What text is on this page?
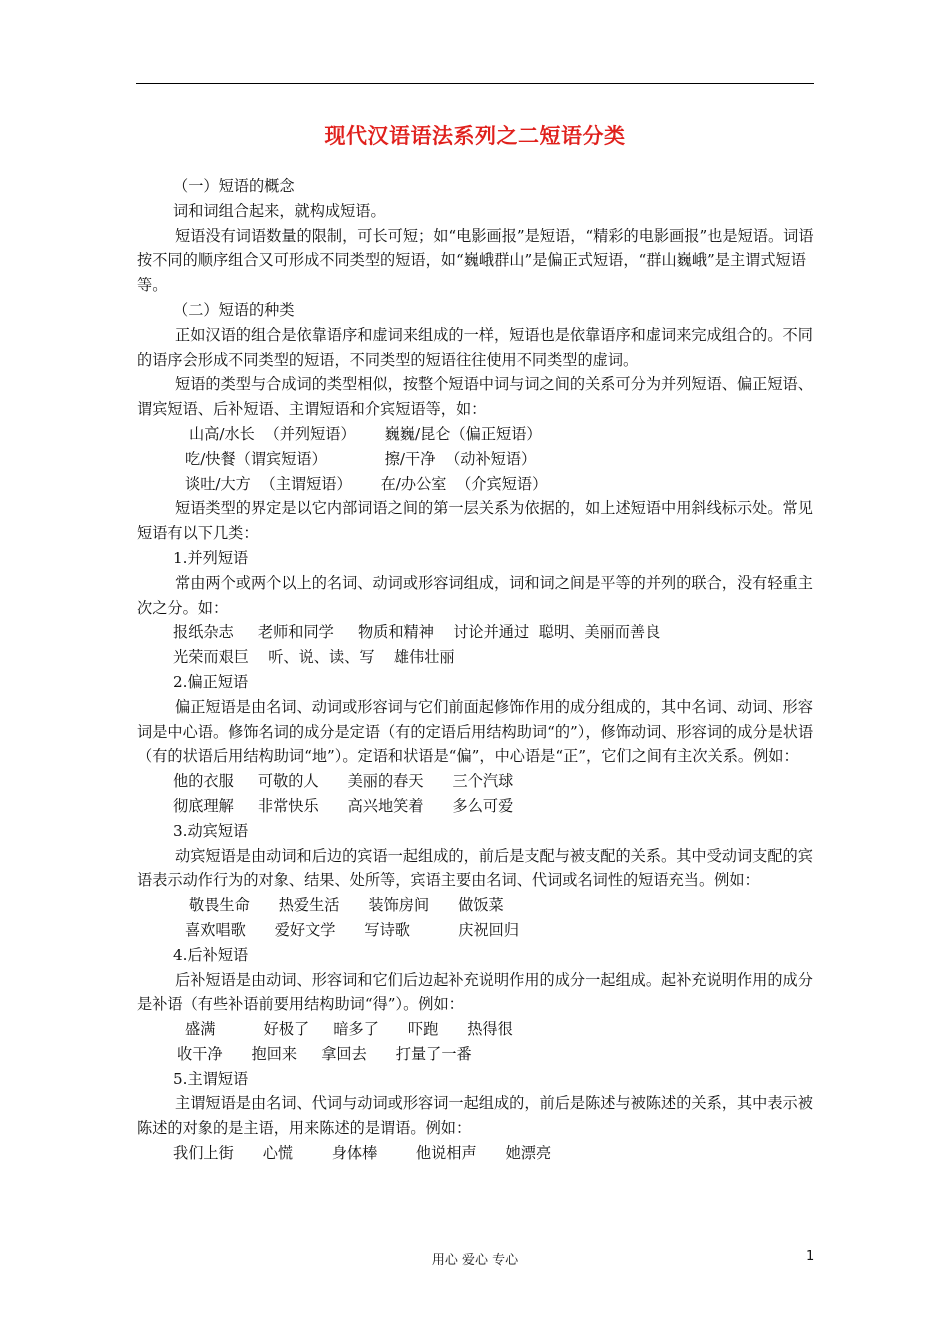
现代汉语语法系列之二短语分类

（一）短语的概念

词和词组合起来，就构成短语。

短语没有词语数量的限制，可长可短；如“电影画报”是短语，“精彩的电影画报”也是短语。词语按不同的顺序组合又可形成不同类型的短语，如“巍峨群山”是偏正式短语，“群山巍峨”是主谓式短语等。

（二）短语的种类

正如汉语的组合是依靠语序和虚词来组成的一样，短语也是依靠语序和虚词来完成组合的。不同的语序会形成不同类型的短语，不同类型的短语往往使用不同类型的虚词。

短语的类型与合成词的类型相似，按整个短语中词与词之间的关系可分为并列短语、偏正短语、谓宾短语、后补短语、主谓短语和介宾短语等，如：

山高/水长  （并列短语）      巍巍/昆仑（偏正短语）

吃/快餐（谓宾短语）            擦/干净  （动补短语）

谈吐/大方  （主谓短语）      在/办公室  （介宾短语）

短语类型的界定是以它内部词语之间的第一层关系为依据的，如上述短语中用斜线标示处。常见短语有以下几类：

1.并列短语

常由两个或两个以上的名词、动词或形容词组成，词和词之间是平等的并列的联合，没有轻重主次之分。如：

报纸杂志     老师和同学     物质和精神    讨论并通过  聪明、美丽而善良

光荣而艰巨    听、说、读、写    雄伟壮丽

2.偏正短语

偏正短语是由名词、动词或形容词与它们前面起修饰作用的成分组成的，其中名词、动词、形容词是中心语。修饰名词的成分是定语（有的定语后用结构助词“的”），修饰动词、形容词的成分是状语（有的状语后用结构助词“地”）。定语和状语是“偏”，中心语是“正”，它们之间有主次关系。例如：

他的衣服     可敬的人      美丽的春天      三个汽球

彻底理解     非常快乐      高兴地笑着      多么可爱

3.动宾短语

动宾短语是由动词和后边的宾语一起组成的，前后是支配与被支配的关系。其中受动词支配的宾语表示动作行为的对象、结果、处所等，宾语主要由名词、代词或名词性的短语充当。例如：

敬畏生命      热爱生活      装饰房间      做饭菜

喜欢唱歌      爱好文学      写诗歌          庆祝回归

4.后补短语

后补短语是由动词、形容词和它们后边起补充说明作用的成分一起组成。起补充说明作用的成分是补语（有些补语前要用结构助词“得”）。例如：

盛满          好极了     暗多了      吓跑      热得很

收干净      抱回来     拿回去      打量了一番

5.主谓短语

主谓短语是由名词、代词与动词或形容词一起组成的，前后是陈述与被陈述的关系，其中表示被陈述的对象的是主语，用来陈述的是谓语。例如：

我们上街      心慌        身体棒        他说相声      她漂亮

用心 爱心 专心	1
